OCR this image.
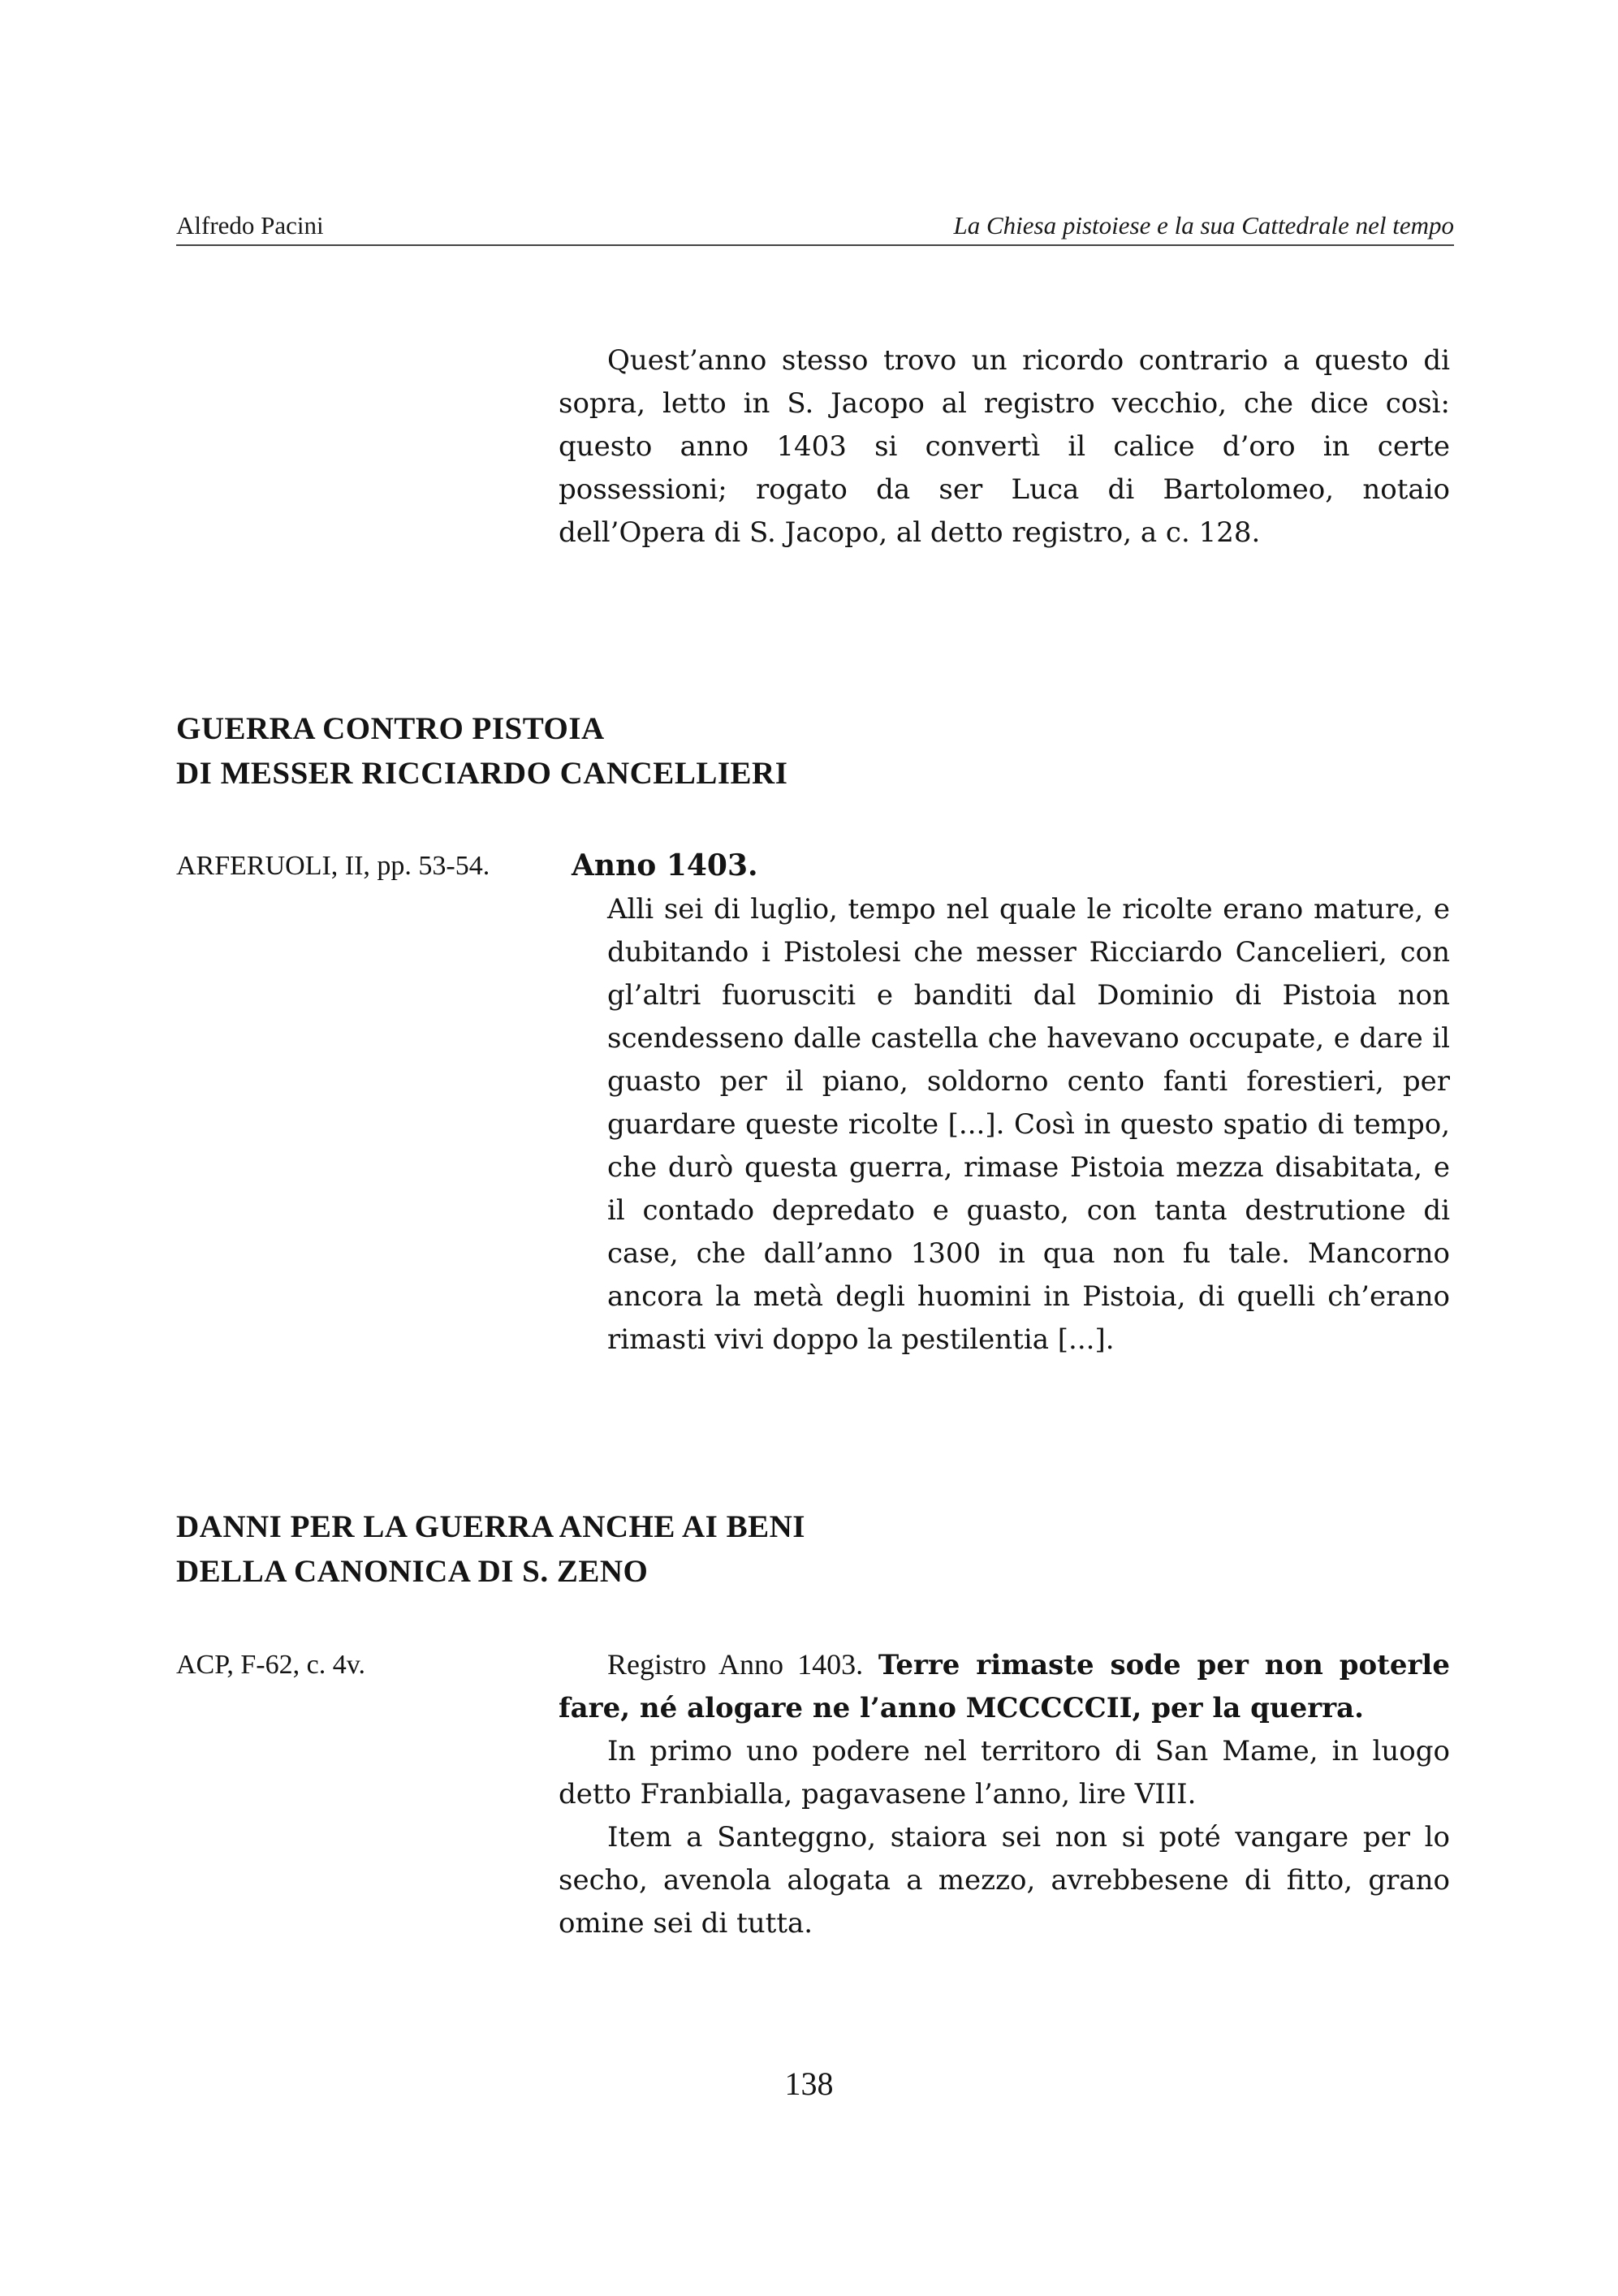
Alfredo Pacini	La Chiesa pistoiese e la sua Cattedrale nel tempo

Quest’anno stesso trovo un ricordo contrario a questo di sopra, letto in S. Jacopo al registro vecchio, che dice così: questo anno 1403 si convertì il calice d’oro in certe possessioni; rogato da ser Luca di Bartolomeo, notaio dell’Opera di S. Jacopo, al detto registro, a c. 128.

GUERRA CONTRO PISTOIA
DI MESSER RICCIARDO CANCELLIERI
ARFERUOLI, II, pp. 53-54.	Anno 1403.

Alli sei di luglio, tempo nel quale le ricolte erano mature, e dubitando i Pistolesi che messer Ricciardo Cancelieri, con gl’altri fuorusciti e banditi dal Dominio di Pistoia non scendesseno dalle castella che havevano occupate, e dare il guasto per il piano, soldorno cento fanti forestieri, per guardare queste ricolte [...]. Così in questo spatio di tempo, che durò questa guerra, rimase Pistoia mezza disabitata, e il contado depredato e guasto, con tanta destrutione di case, che dall’anno 1300 in qua non fu tale. Mancorno ancora la metà degli huomini in Pistoia, di quelli ch’erano rimasti vivi doppo la pestilentia [...].

DANNI PER LA GUERRA ANCHE AI BENI
DELLA CANONICA DI S. ZENO
ACP, F-62, c. 4v.	Registro Anno 1403. Terre rimaste sode per non poterle fare, né alogare ne l’anno MCCCCCII, per la querra.

In primo uno podere nel territoro di San Mame, in luogo detto Franbialla, pagavasene l’anno, lire VIII.

Item a Santeggno, staiora sei non si poté vangare per lo secho, avenola alogata a mezzo, avrebbesene di fitto, grano omine sei di tutta.

138
